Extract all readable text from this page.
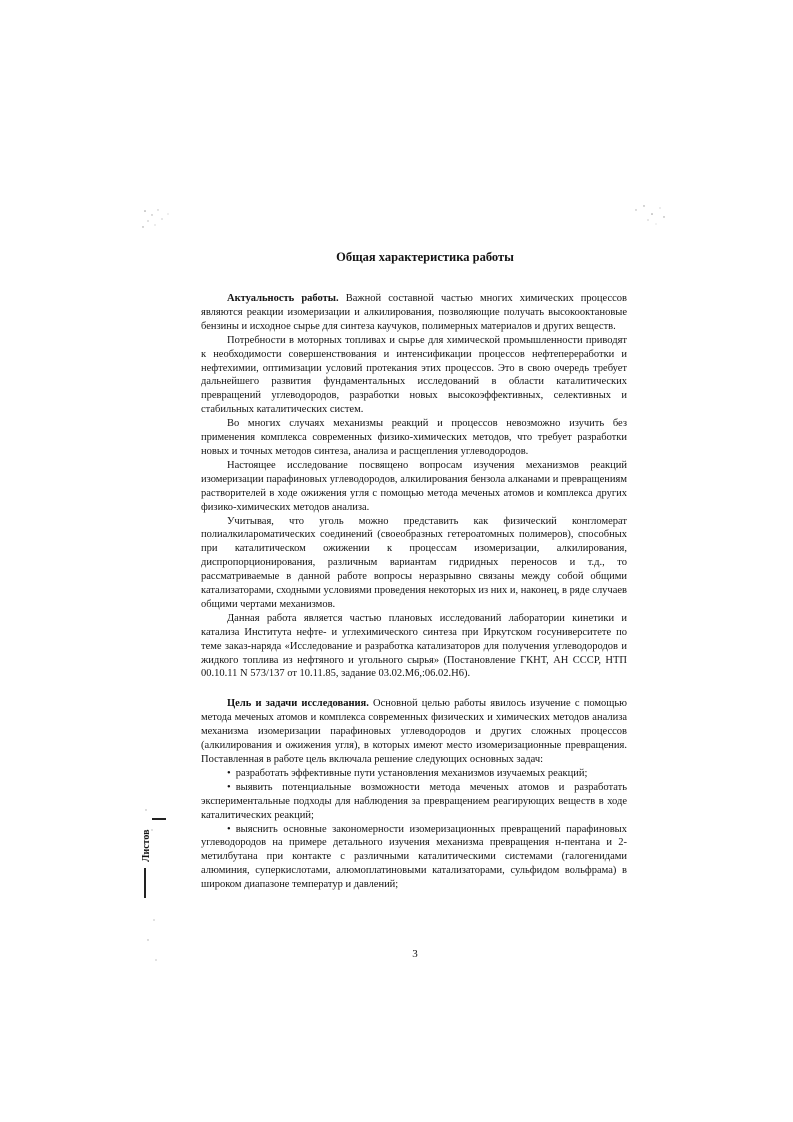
Листов
Общая характеристика работы

Актуальность работы. Важной составной частью многих химических процессов являются реакции изомеризации и алкилирования, позволяющие получать высокооктановые бензины и исходное сырье для синтеза каучуков, полимерных материалов и других веществ.

Потребности в моторных топливах и сырье для химической промышленности приводят к необходимости совершенствования и интенсификации процессов нефтепереработки и нефтехимии, оптимизации условий протекания этих процессов. Это в свою очередь требует дальнейшего развития фундаментальных исследований в области каталитических превращений углеводородов, разработки новых высокоэффективных, селективных и стабильных каталитических систем.

Во многих случаях механизмы реакций и процессов невозможно изучить без применения комплекса современных физико-химических методов, что требует разработки новых и точных методов синтеза, анализа и расщепления углеводородов.

Настоящее исследование посвящено вопросам изучения механизмов реакций изомеризации парафиновых углеводородов, алкилирования бензола алканами и превращениям растворителей в ходе ожижения угля с помощью метода меченых атомов и комплекса других физико-химических методов анализа.

Учитывая, что уголь можно представить как физический конгломерат полиалкилароматических соединений (своеобразных гетероатомных полимеров), способных при каталитическом ожижении к процессам изомеризации, алкилирования, диспропорционирования, различным вариантам гидридных переносов и т.д., то рассматриваемые в данной работе вопросы неразрывно связаны между собой общими катализаторами, сходными условиями проведения некоторых из них и, наконец, в ряде случаев общими чертами механизмов.

Данная работа является частью плановых исследований лаборатории кинетики и катализа Института нефте- и углехимического синтеза при Иркутском госуниверситете по теме заказ-наряда «Исследование и разработка катализаторов для получения углеводородов и жидкого топлива из нефтяного и угольного сырья» (Постановление ГКНТ, АН СССР, НТП 00.10.11 N 573/137 от 10.11.85, задание 03.02.M6,:06.02.H6).

Цель и задачи исследования. Основной целью работы явилось изучение с помощью метода меченых атомов и комплекса современных физических и химических методов анализа механизма изомеризации парафиновых углеводородов и других сложных процессов (алкилирования и ожижения угля), в которых имеют место изомеризационные превращения. Поставленная в работе цель включала решение следующих основных задач:

• разработать эффективные пути установления механизмов изучаемых реакций;
• выявить потенциальные возможности метода меченых атомов и разработать экспериментальные подходы для наблюдения за превращением реагирующих веществ в ходе каталитических реакций;
• выяснить основные закономерности изомеризационных превращений парафиновых углеводородов на примере детального изучения механизма превращения н-пентана и 2-метилбутана при контакте с различными каталитическими системами (галогенидами алюминия, суперкислотами, алюмоплатиновыми катализаторами, сульфидом вольфрама) в широком диапазоне температур и давлений;
3
